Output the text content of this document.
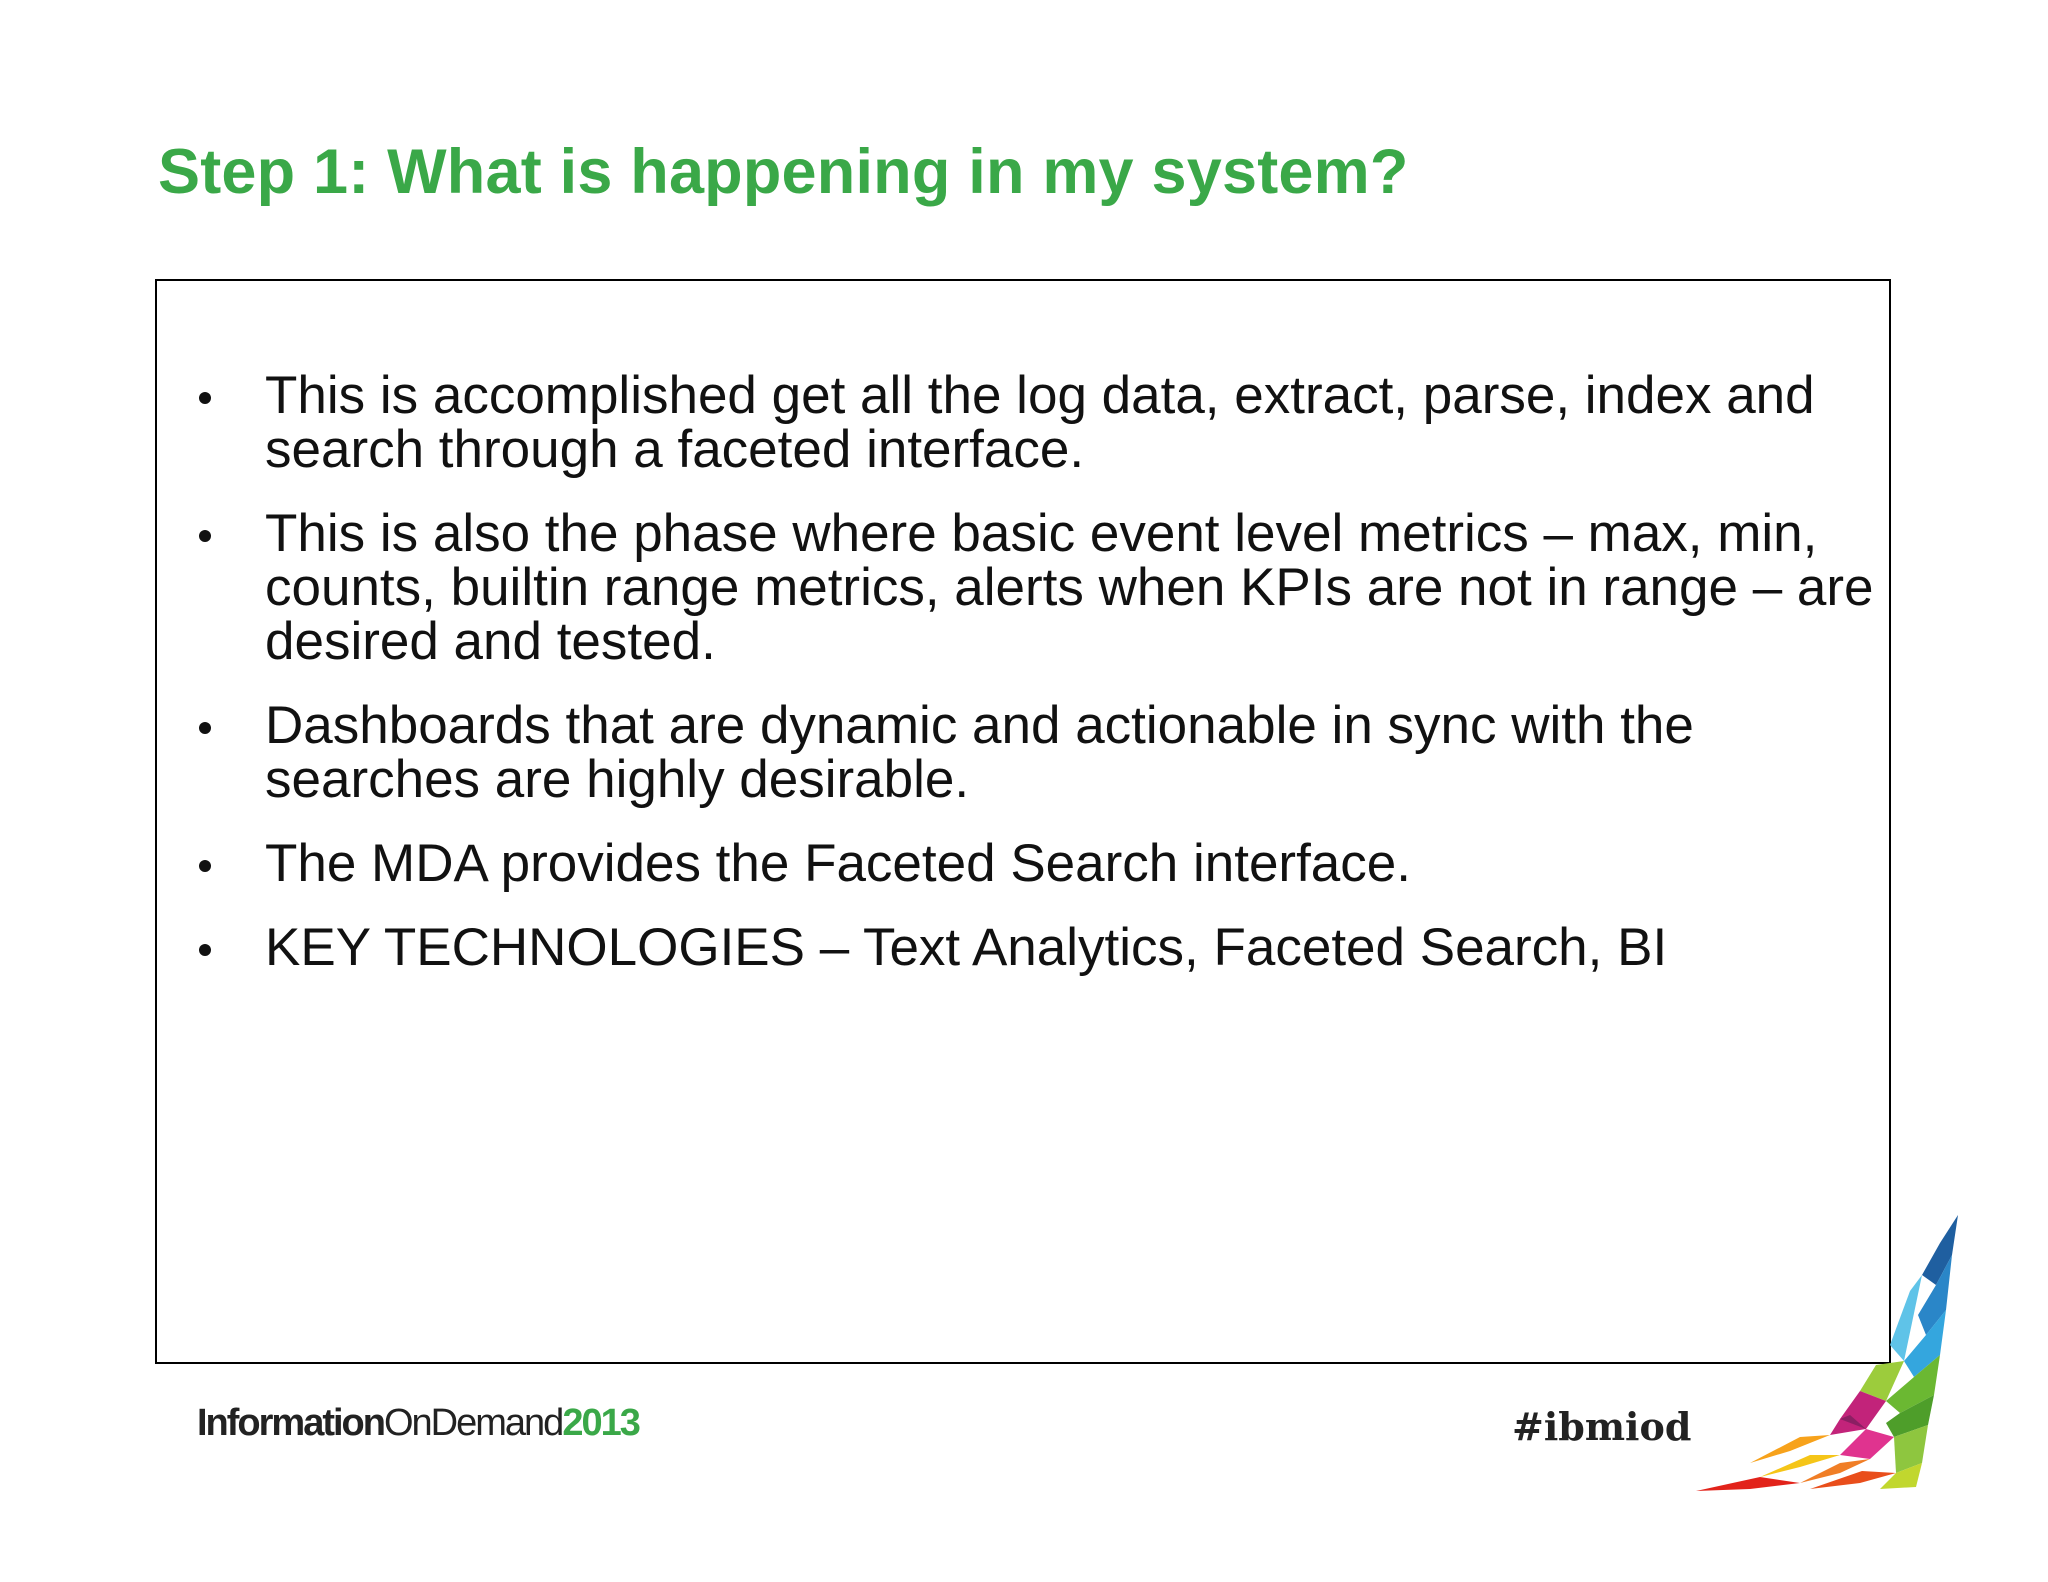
Step 1: What is happening in my system?
This is accomplished get all the log data, extract, parse, index and search through a faceted interface.
This is also the phase where basic event level metrics – max, min, counts, builtin range metrics, alerts when KPIs are not in range – are desired and tested.
Dashboards that are dynamic and actionable in sync with the searches are highly desirable.
The MDA provides the Faceted Search interface.
KEY TECHNOLOGIES – Text Analytics, Faceted Search, BI
InformationOnDemand2013	#ibmiod
